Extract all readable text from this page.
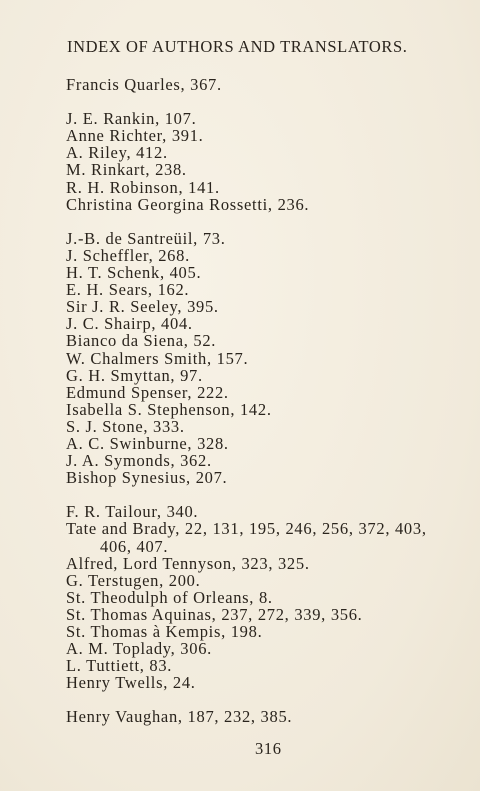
INDEX OF AUTHORS AND TRANSLATORS.

Francis Quarles, 367.

J. E. Rankin, 107.

Anne Richter, 391.

A. Riley, 412.

M. Rinkart, 238.

R. H. Robinson, 141.

Christina Georgina Rossetti, 236.

J.-B. de Santreüil, 73.

J. Scheffler, 268.

H. T. Schenk, 405.

E. H. Sears, 162.

Sir J. R. Seeley, 395.

J. C. Shairp, 404.

Bianco da Siena, 52.

W. Chalmers Smith, 157.

G. H. Smyttan, 97.

Edmund Spenser, 222.

Isabella S. Stephenson, 142.

S. J. Stone, 333.

A. C. Swinburne, 328.

J. A. Symonds, 362.

Bishop Synesius, 207.

F. R. Tailour, 340.

Tate and Brady, 22, 131, 195, 246, 256, 372, 403,

406, 407.

Alfred, Lord Tennyson, 323, 325.

G. Terstugen, 200.

St. Theodulph of Orleans, 8.

St. Thomas Aquinas, 237, 272, 339, 356.

St. Thomas à Kempis, 198.

A. M. Toplady, 306.

L. Tuttiett, 83.

Henry Twells, 24.

Henry Vaughan, 187, 232, 385.

316
